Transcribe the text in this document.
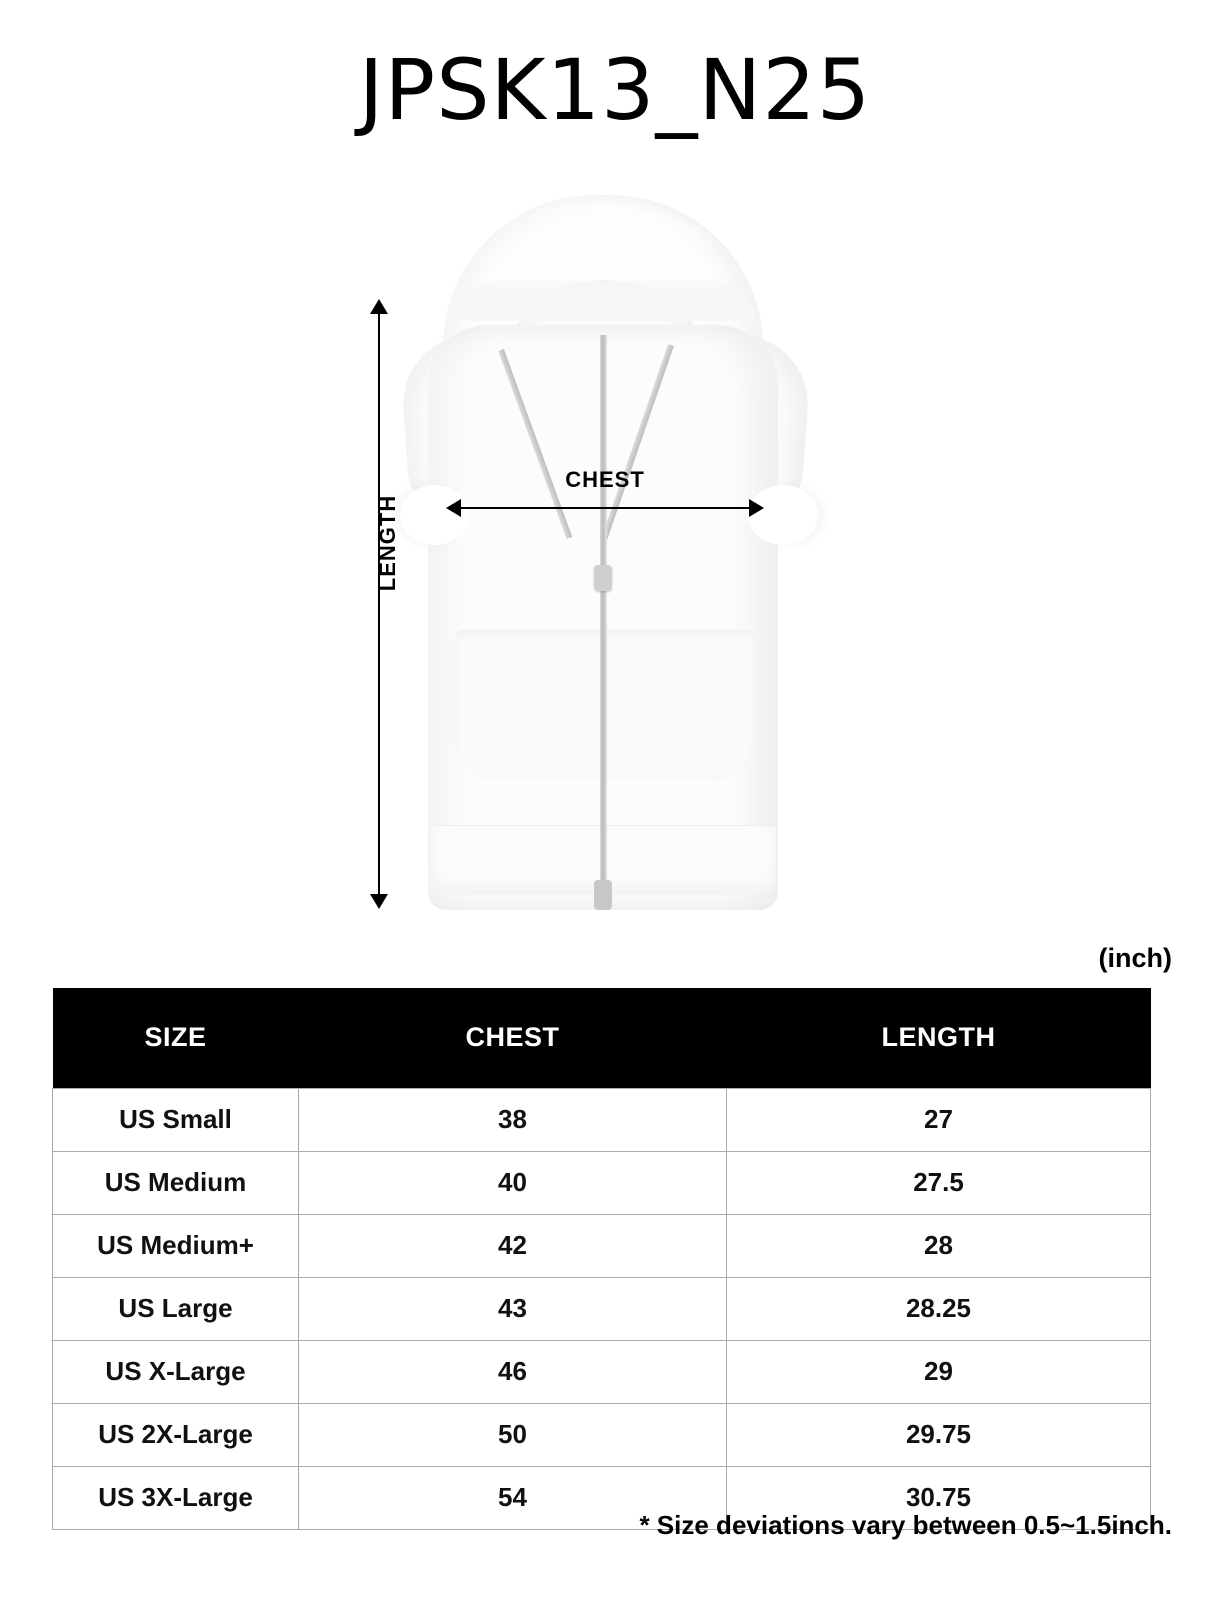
JPSK13_N25
LENGTH
CHEST
(inch)
SIZE	CHEST	LENGTH
US Small	38	27
US Medium	40	27.5
US Medium+	42	28
US Large	43	28.25
US X-Large	46	29
US 2X-Large	50	29.75
US 3X-Large	54	30.75
* Size deviations vary between 0.5~1.5inch.
